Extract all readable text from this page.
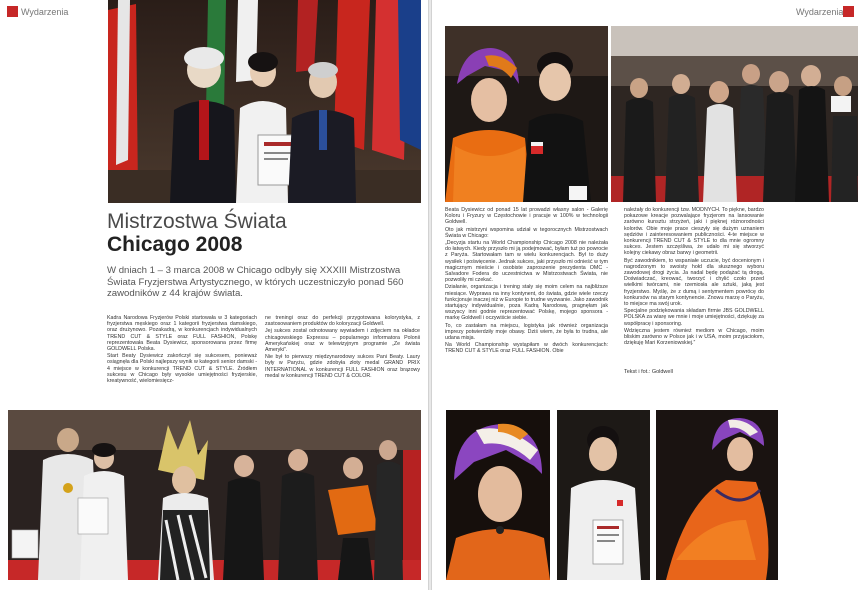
Wydarzenia
Mistrzostwa Świata
Chicago 2008

W dniach 1 – 3 marca 2008 w Chicago odbyły się XXXIII Mistrzostwa Świata Fryzjerstwa Artystycznego, w których uczestniczyło ponad 560 zawodników z 44 krajów świata.

Kadra Narodowa Fryzjerów Polski startowała w 3 kategoriach fryzjerstwa męskiego oraz 1 kategorii fryzjerstwa damskiego, oraz drużynowo. Pozakadrą, w konkurencjach indywidualnych TREND CUT & STYLE oraz FULL FASHION, Polskę reprezentowała Beata Dysiewicz, sponsorowana przez firmę GOLDWELL Polska.

Start Beaty Dysiewicz zakończył się sukcesem, ponieważ osiągnęła dla Polski najlepszy wynik w kategorii senior damski - 4 miejsce w konkurencji TREND CUT & STYLE. Źródłem sukcesu w Chicago były wysokie umiejętności fryzjerskie, kreatywność, wielomiesięcz-

ne treningi oraz do perfekcji przygotowana kolorystyka, z zastosowaniem produktów do koloryzacji Goldwell.

Jej sukces został odnotowany wywiadem i zdjęciem na okładce chicagowskiego Expressu – popularnego informatora Polonii Amerykańskiej oraz w telewizyjnym programie „Ze świata Ameryki”.

Nie był to pierwszy międzynarodowy sukces Pani Beaty. Laury były w Paryżu, gdzie zdobyła złoty medal GRAND PRIX INTERNATIONAL w konkurencji FULL FASHION oraz brązowy medal w konkurencji TREND CUT & COLOR.

Wydarzenia

Beata Dysiewicz od ponad 15 lat prowadzi własny salon - Galerię Koloru i Fryzury w Częstochowie i pracuje w 100% w technologii Goldwell.

Oto jak mistrzyni wspomina udział w tegorocznych Mistrzostwach Świata w Chicago:

„Decyzja startu na World Championship Chicago 2008 nie należała do łatwych. Kiedy przyszło mi ją podejmować, byłam tuż po powrocie z Paryża. Startowałam tam w wielu konkurencjach. Był to duży wysiłek i poświęcenie. Jednak sukces, jaki przyszło mi odnieść w tym magicznym mieście i osobiste zaproszenie prezydenta OMC - Salvadore Fodera do uczestnictwa w Mistrzostwach Świata, nie pozwoliły mi czekać.

Działanie, organizacja i trening stały się moim celem na najbliższe miesiące. Wyprawa na inny kontynent, do świata, gdzie wiele rzeczy funkcjonuje inaczej niż w Europie to trudne wyzwanie. Jako zawodnik startujący indywidualnie, poza Kadrą Narodową, pragnęłam jak wszyscy inni godnie reprezentować Polskę, mojego sponsora - markę Goldwell i oczywiście siebie.

To, co zastałam na miejscu, logistyka jak również organizacja imprezy potwierdziły moje obawy. Dziś wiem, że była to trudna, ale udana misja.

Na World Championship wystąpiłam w dwóch konkurencjach: TREND CUT & STYLE oraz FULL FASHION. Obie

należały do konkurencji tzw. MODNYCH. To piękne, bardzo pokazowe kreacje pozwalające fryzjerom na lansowanie zarówno kunsztu strzyżeń, jaki i pięknej różnorodności kolorów. Obie moje prace cieszyły się dużym uznaniem sędziów i zainteresowaniem publiczności. 4-te miejsce w konkurencji TREND CUT & STYLE to dla mnie ogromny sukces. Jestem szczęśliwa, że udało mi się stworzyć kolejny ciekawy obraz barwy i geometrii.

Być zawodnikiem, to wspaniałe uczucie, być docenionym i nagrodzonym to swoisty hołd dla słusznego wyboru zawodowej drogi życia. Ja nadal będę podążać tą drogą. Doświadczać, kreować, tworzyć i chylić czoło przed wielkimi twórcami, nie rzemiosła ale sztuki, jaką jest fryzjerstwo. Myślę, że z dumą i sentymentem powrócę do konkursów na starym kontynencie. Znowu marzę o Paryżu, to miejsce ma swój urok.

Specjalne podziękowania składam firmie JBS GOLDWELL POLSKA za wiarę we mnie i moje umiejętności, dziękuję za współpracę i sponsoring.

Wdzięczna jestem również mediom w Chicago, moim bliskim zarówno w Polsce jak i w USA, moim przyjaciołom, dziękuję Mari Korzeniowskiej.”

Tekst i fot.: Goldwell
